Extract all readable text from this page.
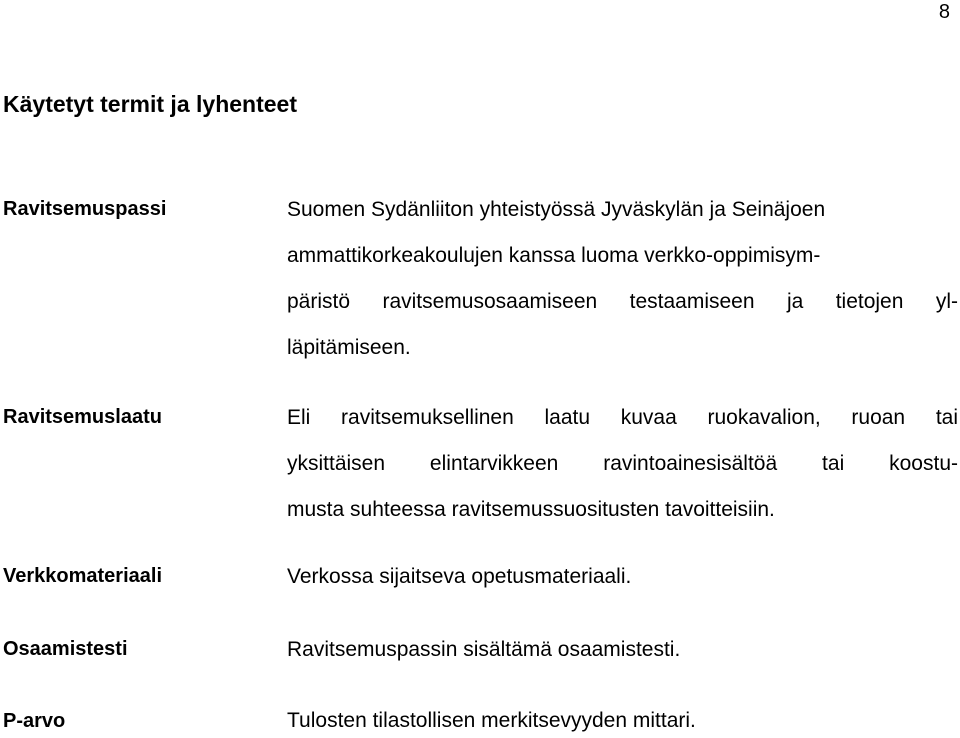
8
Käytetyt termit ja lyhenteet
Ravitsemuspassi	Suomen Sydänliiton yhteistyössä Jyväskylän ja Seinäjoen
ammattikorkeakoulujen kanssa luoma verkko-oppimisym-
päristö ravitsemusosaamiseen testaamiseen ja tietojen yl-
läpitämiseen.
Ravitsemuslaatu	Eli ravitsemuksellinen laatu kuvaa ruokavalion, ruoan tai
yksittäisen elintarvikkeen ravintoainesisältöä tai koostu-
musta suhteessa ravitsemussuositusten tavoitteisiin.
Verkkomateriaali	Verkossa sijaitseva opetusmateriaali.
Osaamistesti	Ravitsemuspassin sisältämä osaamistesti.
P-arvo	Tulosten tilastollisen merkitsevyyden mittari.
